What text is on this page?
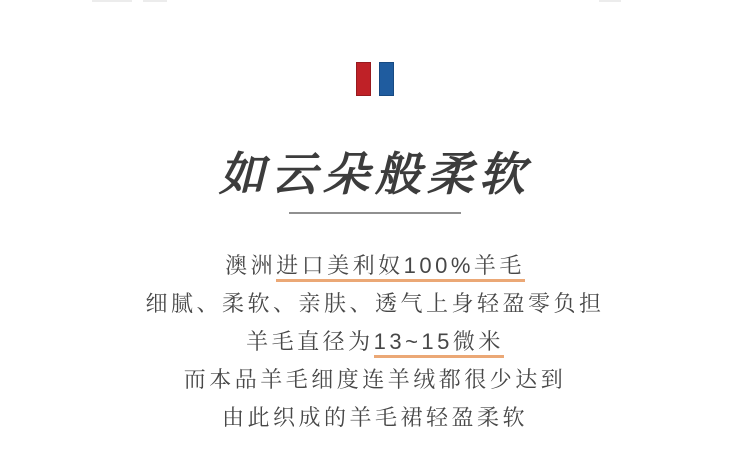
如云朵般柔软
澳洲进口美利奴100%羊毛
细腻、柔软、亲肤、透气上身轻盈零负担
羊毛直径为13~15微米
而本品羊毛细度连羊绒都很少达到
由此织成的羊毛裙轻盈柔软
